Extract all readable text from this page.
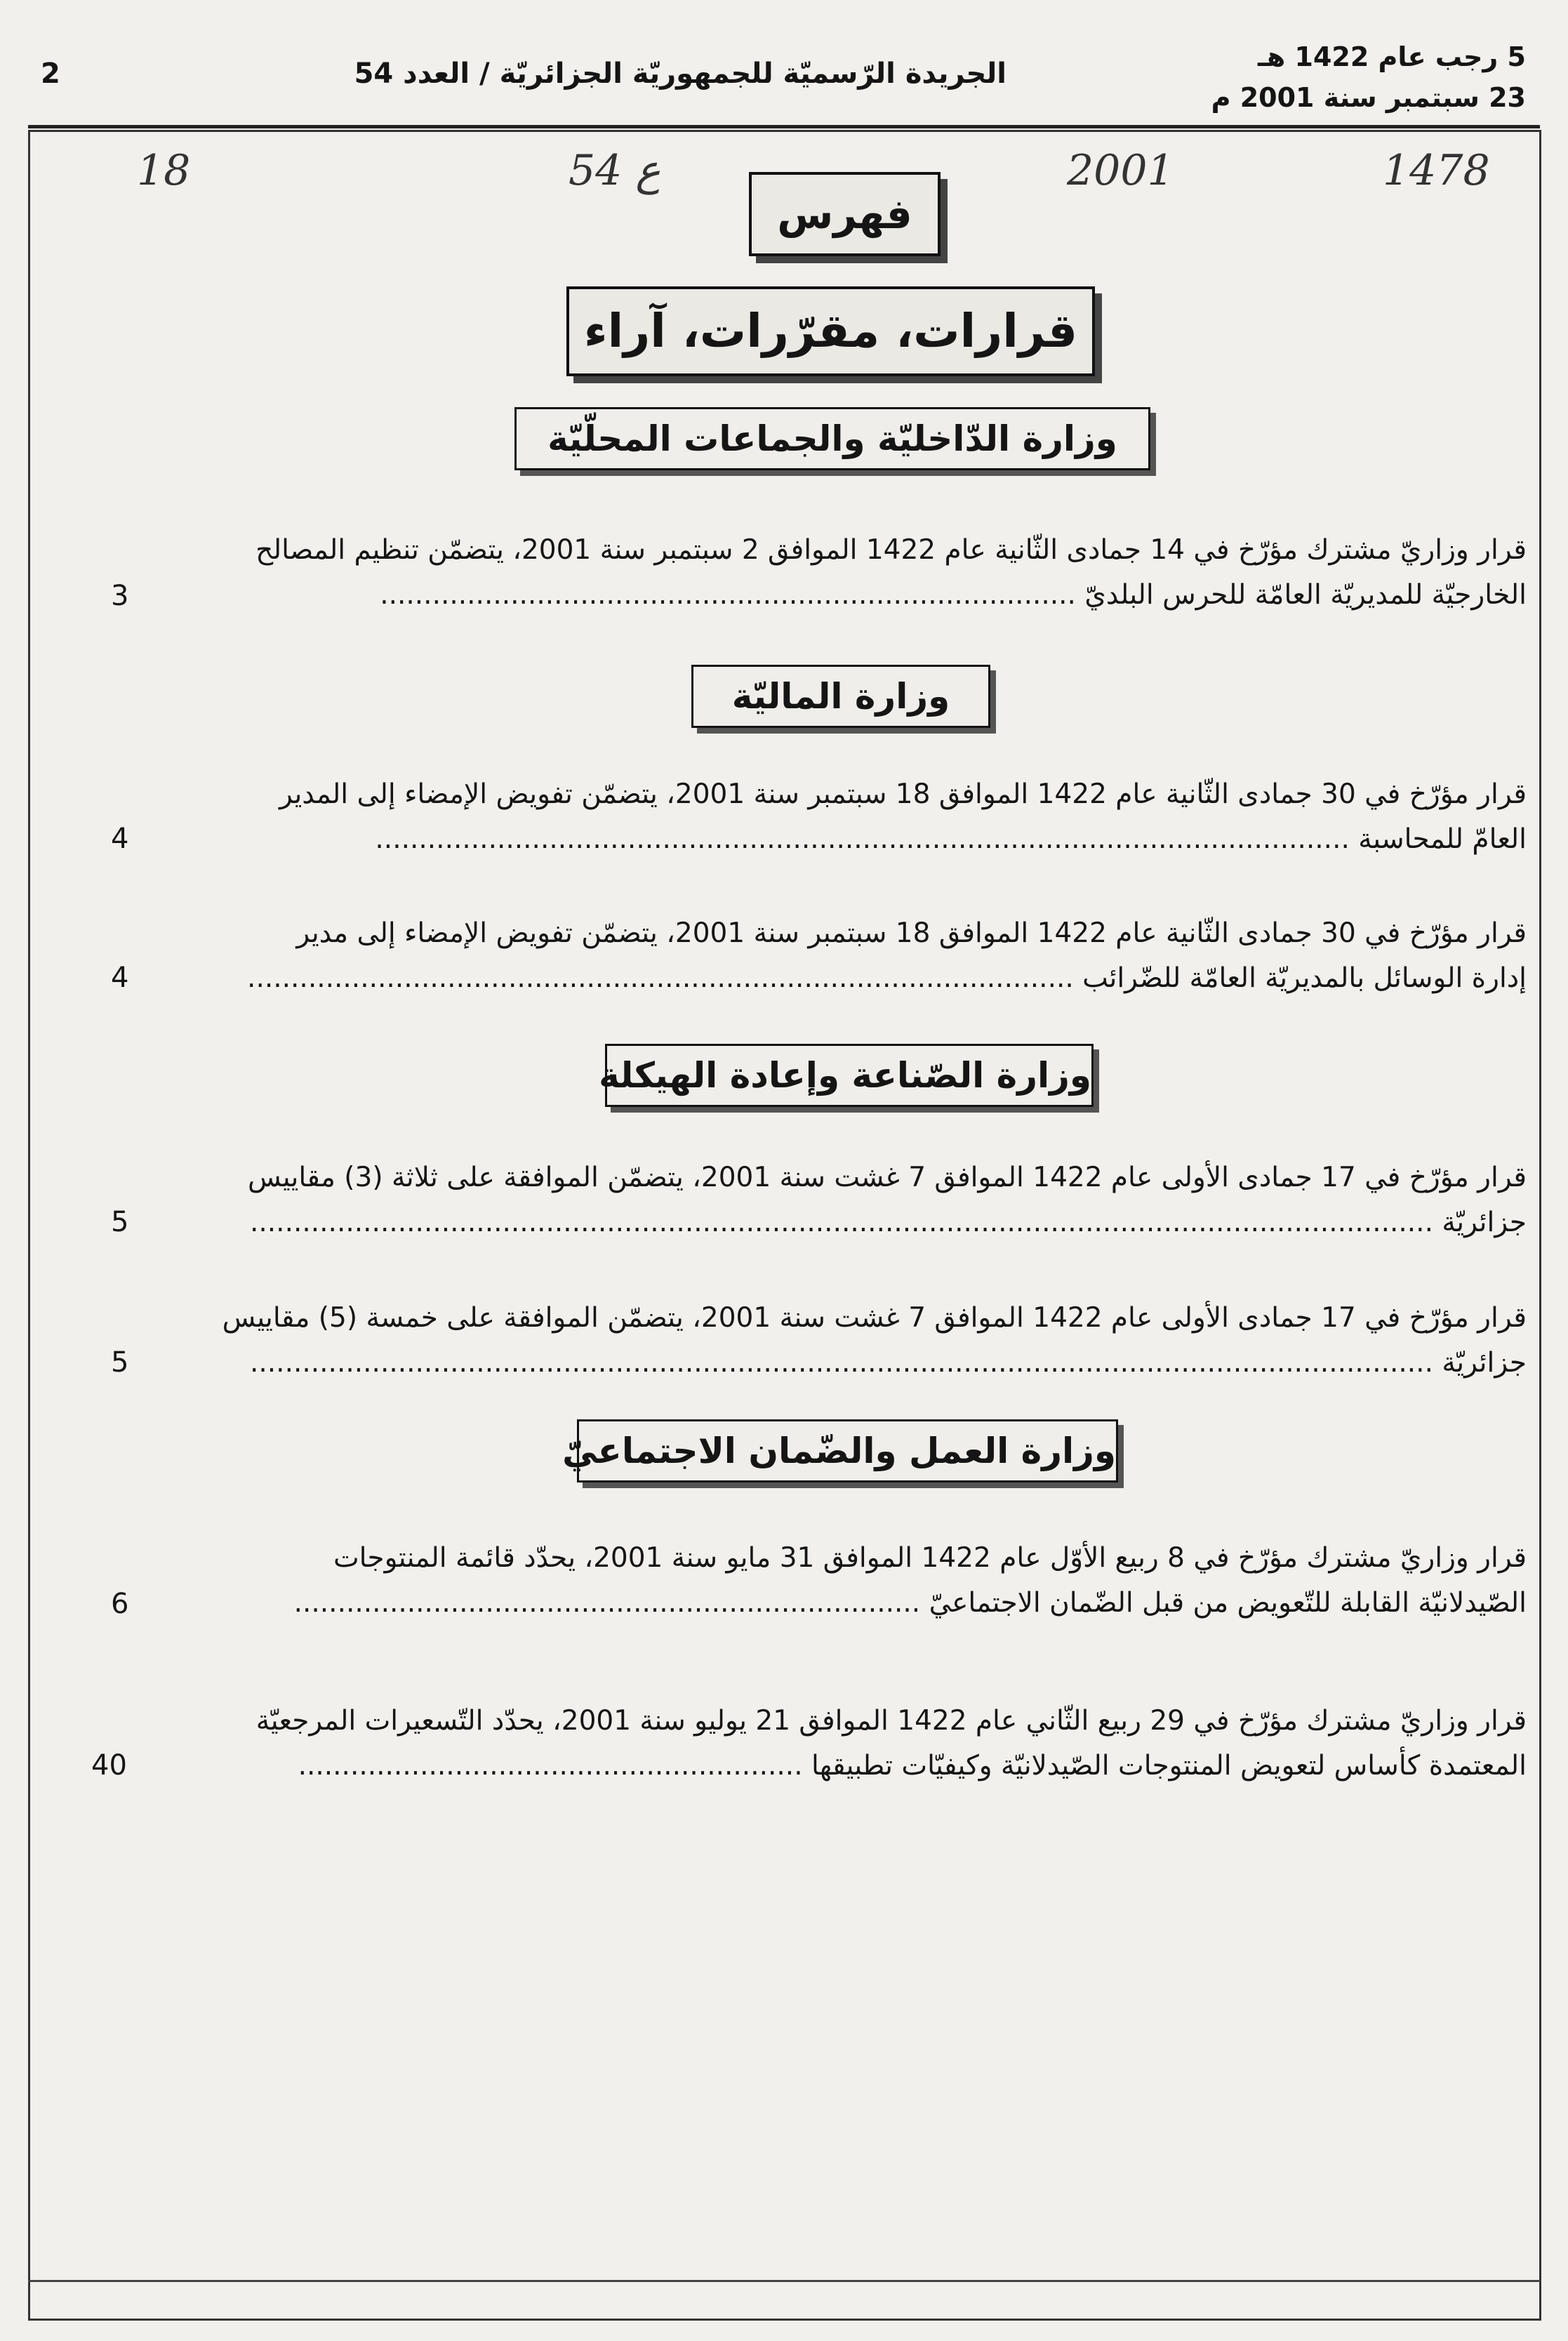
2	الجريدة الرّسميّة للجمهوريّة الجزائريّة / العدد 54
5 رجب عام 1422 هـ
23 سبتمبر سنة 2001 م
1478
2001
ع 54
18
فهرس
قرارات، مقرّرات، آراء
وزارة الدّاخليّة والجماعات المحلّيّة

قرار وزاريّ مشترك مؤرّخ في 14 جمادى الثّانية عام 1422 الموافق 2 سبتمبر سنة 2001، يتضمّن تنظيم المصالح

الخارجيّة للمديريّة العامّة للحرس البلديّ ................................................................................

3
وزارة الماليّة

قرار مؤرّخ في 30 جمادى الثّانية عام 1422 الموافق 18 سبتمبر سنة 2001، يتضمّن تفويض الإمضاء إلى المدير

العامّ للمحاسبة ................................................................................................................

4

قرار مؤرّخ في 30 جمادى الثّانية عام 1422 الموافق 18 سبتمبر سنة 2001، يتضمّن تفويض الإمضاء إلى مدير

إدارة الوسائل بالمديريّة العامّة للضّرائب ...............................................................................................

4
وزارة الصّناعة وإعادة الهيكلة

قرار مؤرّخ في 17 جمادى الأولى عام 1422 الموافق 7 غشت سنة 2001، يتضمّن الموافقة على ثلاثة (3) مقاييس

جزائريّة ........................................................................................................................................

5

قرار مؤرّخ في 17 جمادى الأولى عام 1422 الموافق 7 غشت سنة 2001، يتضمّن الموافقة على خمسة (5) مقاييس

جزائريّة ........................................................................................................................................

5
وزارة العمل والضّمان الاجتماعيّ

قرار وزاريّ مشترك مؤرّخ في 8 ربيع الأوّل عام 1422 الموافق 31 مايو سنة 2001، يحدّد قائمة المنتوجات

الصّيدلانيّة القابلة للتّعويض من قبل الضّمان الاجتماعيّ ........................................................................

6

قرار وزاريّ مشترك مؤرّخ في 29 ربيع الثّاني عام 1422 الموافق 21 يوليو سنة 2001، يحدّد التّسعيرات المرجعيّة

المعتمدة كأساس لتعويض المنتوجات الصّيدلانيّة وكيفيّات تطبيقها ..........................................................

40
